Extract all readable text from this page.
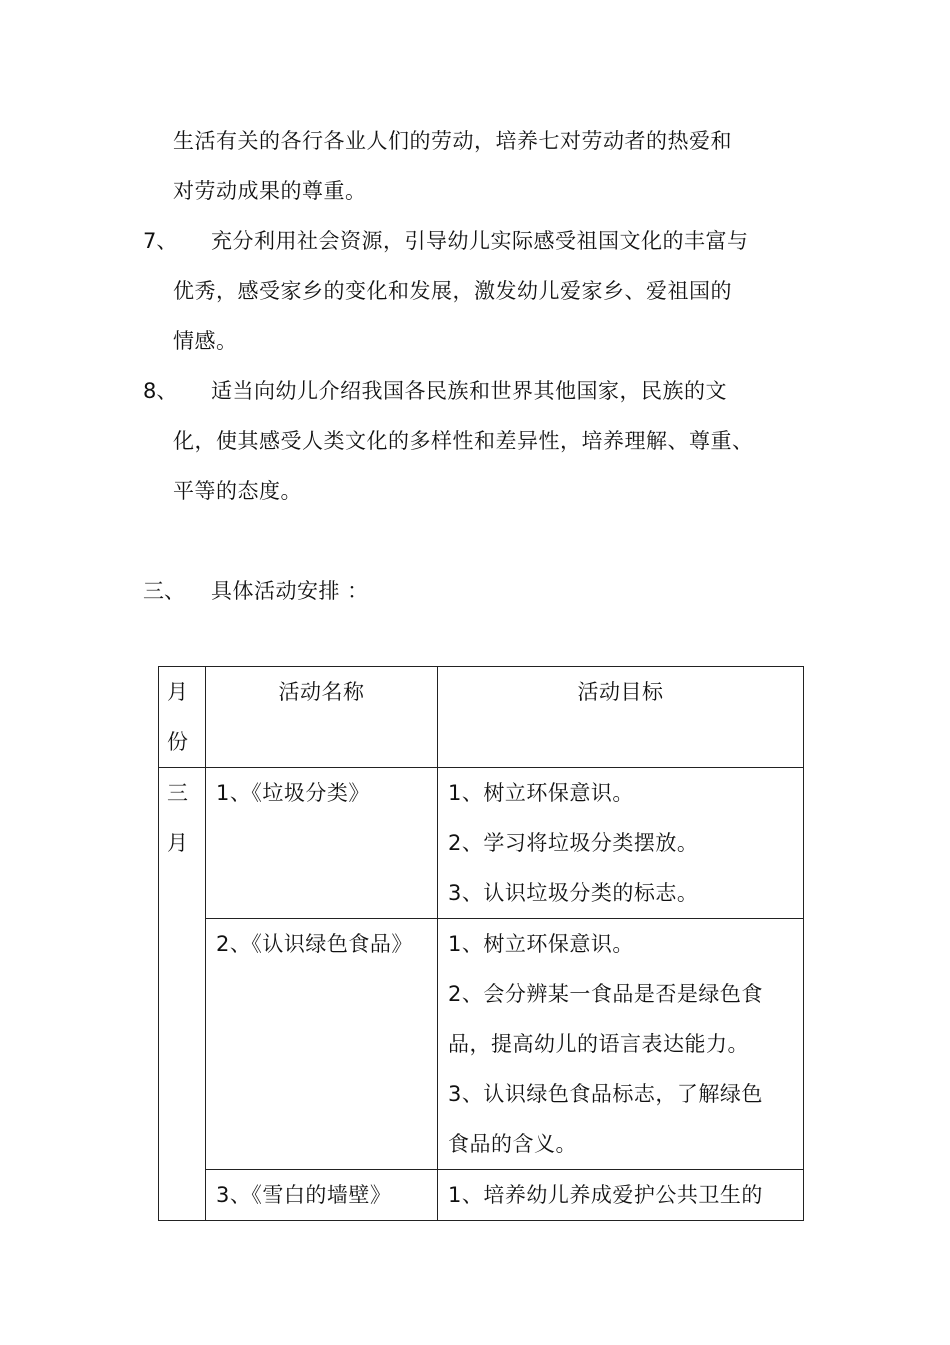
生活有关的各行各业人们的劳动，培养七对劳动者的热爱和
对劳动成果的尊重。
7、 充分利用社会资源，引导幼儿实际感受祖国文化的丰富与
优秀，感受家乡的变化和发展，激发幼儿爱家乡、爱祖国的
情感。
8、 适当向幼儿介绍我国各民族和世界其他国家，民族的文
化，使其感受人类文化的多样性和差异性，培养理解、尊重、
平等的态度。
三、 具体活动安排 ：
月
份	活动名称	活动目标

三
月	1、《垃圾分类》	1、树立环保意识。
2、学习将垃圾分类摆放。
3、认识垃圾分类的标志。

	2、《认识绿色食品》	1、树立环保意识。
2、会分辨某一食品是否是绿色食
品，提高幼儿的语言表达能力。
3、认识绿色食品标志，了解绿色
食品的含义。

	3、《雪白的墙壁》	1、培养幼儿养成爱护公共卫生的
